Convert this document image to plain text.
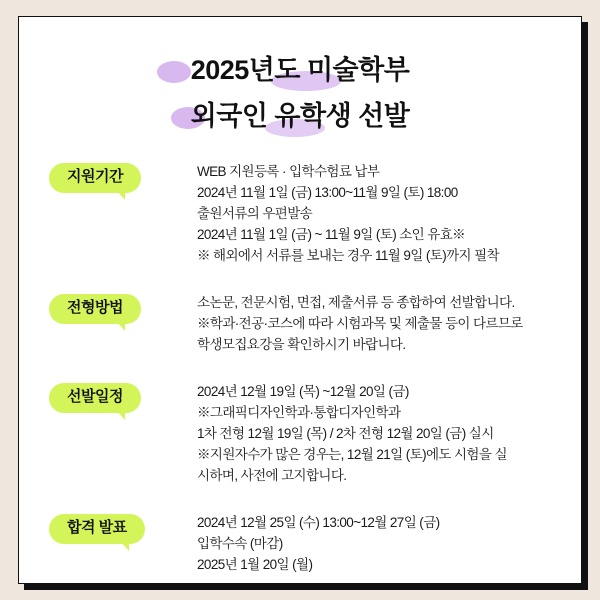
2025년도 미술학부
외국인 유학생 선발
지원기간	WEB 지원등록 · 입학수험료 납부
2024년 11월 1일 (금) 13:00~11월 9일 (토) 18:00
출원서류의 우편발송
2024년 11월 1일 (금) ~ 11월 9일 (토) 소인 유효※
※ 해외에서 서류를 보내는 경우 11월 9일 (토)까지 필착
전형방법	소논문, 전문시험, 면접, 제출서류 등 종합하여 선발합니다.
※학과·전공·코스에 따라 시험과목 및 제출물 등이 다르므로
학생모집요강을 확인하시기 바랍니다.
선발일정	2024년 12월 19일 (목) ~12월 20일 (금)
※그래픽디자인학과·통합디자인학과
1차 전형 12월 19일 (목) / 2차 전형 12월 20일 (금) 실시
※지원자수가 많은 경우는, 12월 21일 (토)에도 시험을 실
시하며, 사전에 고지합니다.
합격 발표	2024년 12월 25일 (수) 13:00~12월 27일 (금)
입학수속 (마감)
2025년 1월 20일 (월)
